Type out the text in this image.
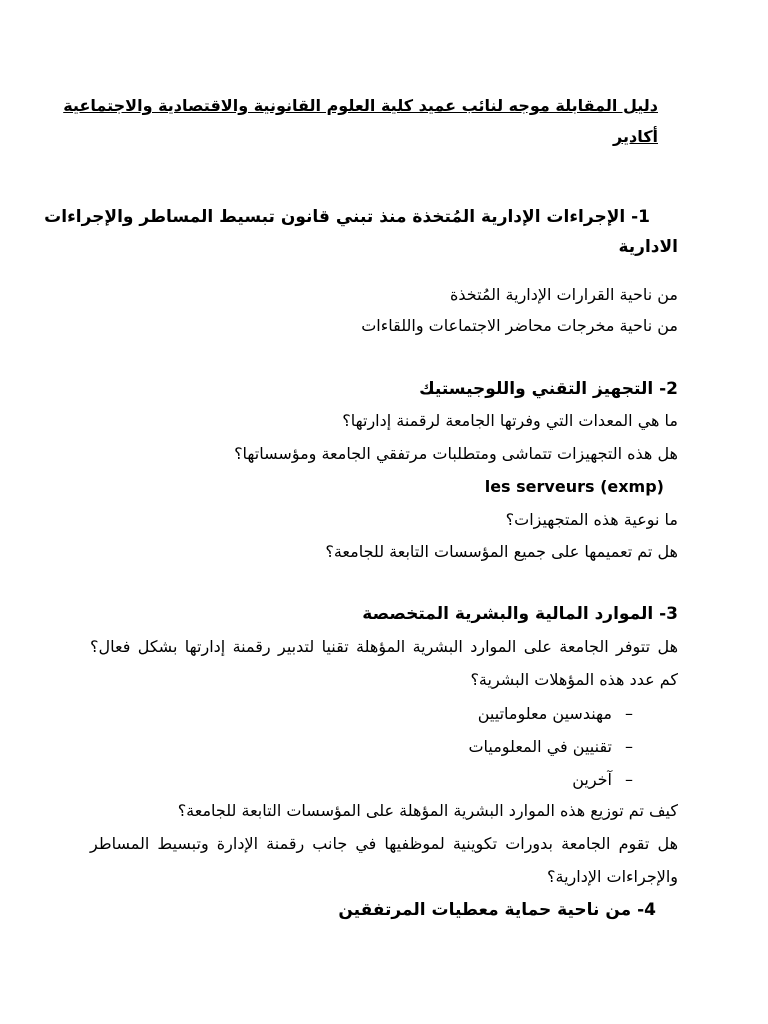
دليل المقابلة موجه لنائب عميد كلية العلوم القانونية والاقتصادية والاجتماعية
أكادير
1- الإجراءات الإدارية المُتخذة منذ تبني قانون تبسيط المساطر والإجراءات
الادارية
من ناحية القرارات الإدارية المُتخذة
من ناحية مخرجات محاضر الاجتماعات واللقاءات
2- التجهيز التقني واللوجيستيك
ما هي المعدات التي وفرتها الجامعة لرقمنة إدارتها؟
هل هذه التجهيزات تتماشى ومتطلبات مرتفقي الجامعة ومؤسساتها؟
les serveurs (exmp)
ما نوعية هذه المتجهيزات؟
هل تم تعميمها على جميع المؤسسات التابعة للجامعة؟
3- الموارد المالية والبشرية المتخصصة
هل تتوفر الجامعة على الموارد البشرية المؤهلة تقنيا لتدبير رقمنة إدارتها بشكل فعال؟
كم عدد هذه المؤهلات البشرية؟
–مهندسين معلوماتيين
–تقنيين في المعلوميات
–آخرين
كيف تم توزيع هذه الموارد البشرية المؤهلة على المؤسسات التابعة للجامعة؟
هل تقوم الجامعة بدورات تكوينية لموظفيها في جانب رقمنة الإدارة وتبسيط المساطر
والإجراءات الإدارية؟
4- من ناحية حماية معطيات المرتفقين
